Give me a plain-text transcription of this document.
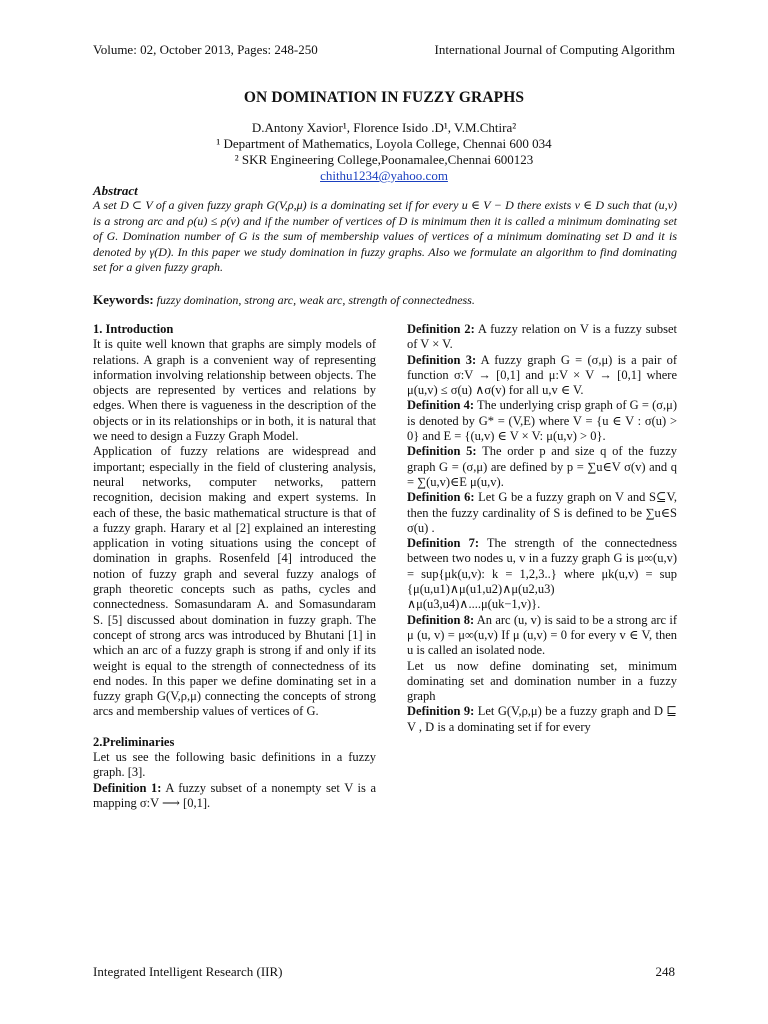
Volume: 02, October 2013, Pages: 248-250	International Journal of Computing Algorithm
ON DOMINATION IN FUZZY GRAPHS
D.Antony Xavior¹, Florence Isido .D¹, V.M.Chtira²
¹ Department of Mathematics, Loyola College, Chennai 600 034
² SKR Engineering College,Poonamalee,Chennai 600123
chithu1234@yahoo.com
Abstract
A set D ⊂ V of a given fuzzy graph G(V,ρ,μ) is a dominating set if for every u ∈ V − D there exists v ∈ D such that (u,v) is a strong arc and ρ(u) ≤ ρ(v) and if the number of vertices of D is minimum then it is called a minimum dominating set of G. Domination number of G is the sum of membership values of vertices of a minimum dominating set D and it is denoted by γ(D). In this paper we study domination in fuzzy graphs. Also we formulate an algorithm to find dominating set for a given fuzzy graph.
Keywords: fuzzy domination, strong arc, weak arc, strength of connectedness.
1. Introduction

It is quite well known that graphs are simply models of relations. A graph is a convenient way of representing information involving relationship between objects. The objects are represented by vertices and relations by edges. When there is vagueness in the description of the objects or in its relationships or in both, it is natural that we need to design a Fuzzy Graph Model.

Application of fuzzy relations are widespread and important; especially in the field of clustering analysis, neural networks, computer networks, pattern recognition, decision making and expert systems. In each of these, the basic mathematical structure is that of a fuzzy graph. Harary et al [2] explained an interesting application in voting situations using the concept of domination in graphs. Rosenfeld [4] introduced the notion of fuzzy graph and several fuzzy analogs of graph theoretic concepts such as paths, cycles and connectedness. Somasundaram A. and Somasundaram S. [5] discussed about domination in fuzzy graph. The concept of strong arcs was introduced by Bhutani [1] in which an arc of a fuzzy graph is strong if and only if its weight is equal to the strength of connectedness of its end nodes. In this paper we define dominating set in a fuzzy graph G(V,ρ,μ) connecting the concepts of strong arcs and membership values of vertices of G.

2.Preliminaries

Let us see the following basic definitions in a fuzzy graph. [3].

Definition 1: A fuzzy subset of a nonempty set V is a mapping σ:V ⟶ [0,1].

Definition 2: A fuzzy relation on V is a fuzzy subset of V × V.

Definition 3: A fuzzy graph G = (σ,μ) is a pair of function σ:V → [0,1] and μ:V × V → [0,1] where μ(u,v) ≤ σ(u) ∧σ(v) for all u,v ∈ V.

Definition 4: The underlying crisp graph of G = (σ,μ) is denoted by G* = (V,E) where V = {u ∈ V : σ(u) > 0} and E = {(u,v) ∈ V × V: μ(u,v) > 0}.

Definition 5: The order p and size q of the fuzzy graph G = (σ,μ) are defined by p = ∑u∈V σ(v) and q = ∑(u,v)∈E μ(u,v).

Definition 6: Let G be a fuzzy graph on V and S⊆V, then the fuzzy cardinality of S is defined to be ∑u∈S σ(u) .

Definition 7: The strength of the connectedness between two nodes u, v in a fuzzy graph G is μ∞(u,v) = sup{μk(u,v): k = 1,2,3..} where μk(u,v) = sup {μ(u,u1)∧μ(u1,u2)∧μ(u2,u3) ∧μ(u3,u4)∧....μ(uk−1,v)}.

Definition 8: An arc (u, v) is said to be a strong arc if μ (u, v) = μ∞(u,v) If μ (u,v) = 0 for every v ∈ V, then u is called an isolated node.

Let us now define dominating set, minimum dominating set and domination number in a fuzzy graph

Definition 9: Let G(V,ρ,μ) be a fuzzy graph and D ⊑ V , D is a dominating set if for every

Integrated Intelligent Research (IIR)	248
